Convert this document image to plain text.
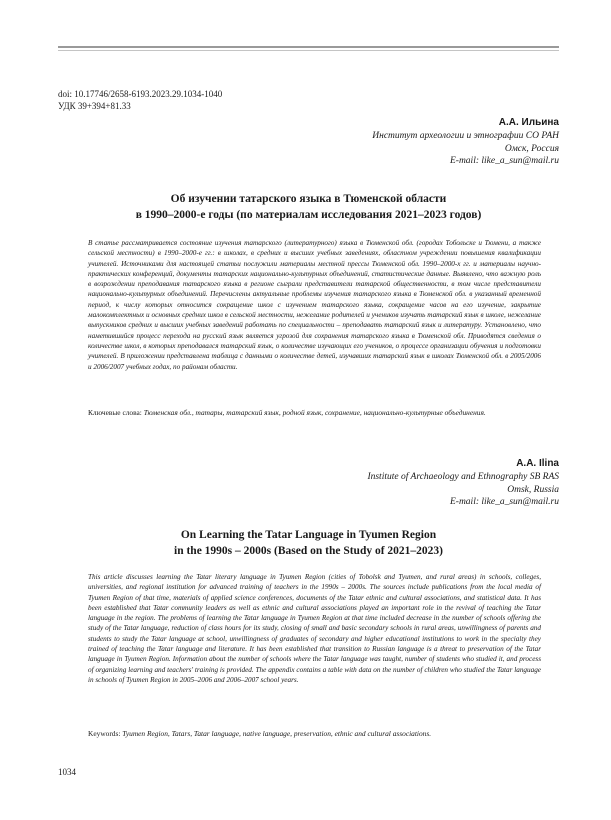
doi: 10.17746/2658-6193.2023.29.1034-1040
УДК 39+394+81.33
А.А. Ильина
Институт археологии и этнографии СО РАН
Омск, Россия
E-mail: like_a_sun@mail.ru
Об изучении татарского языка в Тюменской области
в 1990–2000-е годы (по материалам исследования 2021–2023 годов)
В статье рассматривается состояние изучения татарского (литературного) языка в Тюменской обл. (городах Тобольске и Тюмени, а также сельской местности) в 1990–2000-е гг.: в школах, в средних и высших учебных заведениях, областном учреждении повышения квалификации учителей. Источниками для настоящей статьи послужили материалы местной прессы Тюменской обл. 1990–2000-х гг. и материалы научно-практических конференций, документы татарских национально-культурных объединений, статистические данные. Выявлено, что важную роль в возрождении преподавания татарского языка в регионе сыграли представители татарской общественности, в том числе представители национально-культурных объединений. Перечислены актуальные проблемы изучения татарского языка в Тюменской обл. в указанный временной период, к числу которых относится сокращение школ с изучением татарского языка, сокращение часов на его изучение, закрытие малокомплектных и основных средних школ в сельской местности, нежелание родителей и учеников изучать татарский язык в школе, нежелание выпускников средних и высших учебных заведений работать по специальности – преподавать татарский язык и литературу. Установлено, что наметившийся процесс перехода на русский язык является угрозой для сохранения татарского языка в Тюменской обл. Приводятся сведения о количестве школ, в которых преподавался татарский язык, о количестве изучающих его учеников, о процессе организации обучения и подготовки учителей. В приложении представлена таблица с данными о количестве детей, изучавших татарский язык в школах Тюменской обл. в 2005/2006 и 2006/2007 учебных годах, по районам области.
Ключевые слова: Тюменская обл., татары, татарский язык, родной язык, сохранение, национально-культурные объединения.
A.A. Ilina
Institute of Archaeology and Ethnography SB RAS
Omsk, Russia
E-mail: like_a_sun@mail.ru
On Learning the Tatar Language in Tyumen Region
in the 1990s – 2000s (Based on the Study of 2021–2023)
This article discusses learning the Tatar literary language in Tyumen Region (cities of Tobolsk and Tyumen, and rural areas) in schools, colleges, universities, and regional institution for advanced training of teachers in the 1990s – 2000s. The sources include publications from the local media of Tyumen Region of that time, materials of applied science conferences, documents of the Tatar ethnic and cultural associations, and statistical data. It has been established that Tatar community leaders as well as ethnic and cultural associations played an important role in the revival of teaching the Tatar language in the region. The problems of learning the Tatar language in Tyumen Region at that time included decrease in the number of schools offering the study of the Tatar language, reduction of class hours for its study, closing of small and basic secondary schools in rural areas, unwillingness of parents and students to study the Tatar language at school, unwillingness of graduates of secondary and higher educational institutions to work in the specialty they trained of teaching the Tatar language and literature. It has been established that transition to Russian language is a threat to preservation of the Tatar language in Tyumen Region. Information about the number of schools where the Tatar language was taught, number of students who studied it, and process of organizing learning and teachers' training is provided. The appendix contains a table with data on the number of children who studied the Tatar language in schools of Tyumen Region in 2005–2006 and 2006–2007 school years.
Keywords: Tyumen Region, Tatars, Tatar language, native language, preservation, ethnic and cultural associations.
1034
